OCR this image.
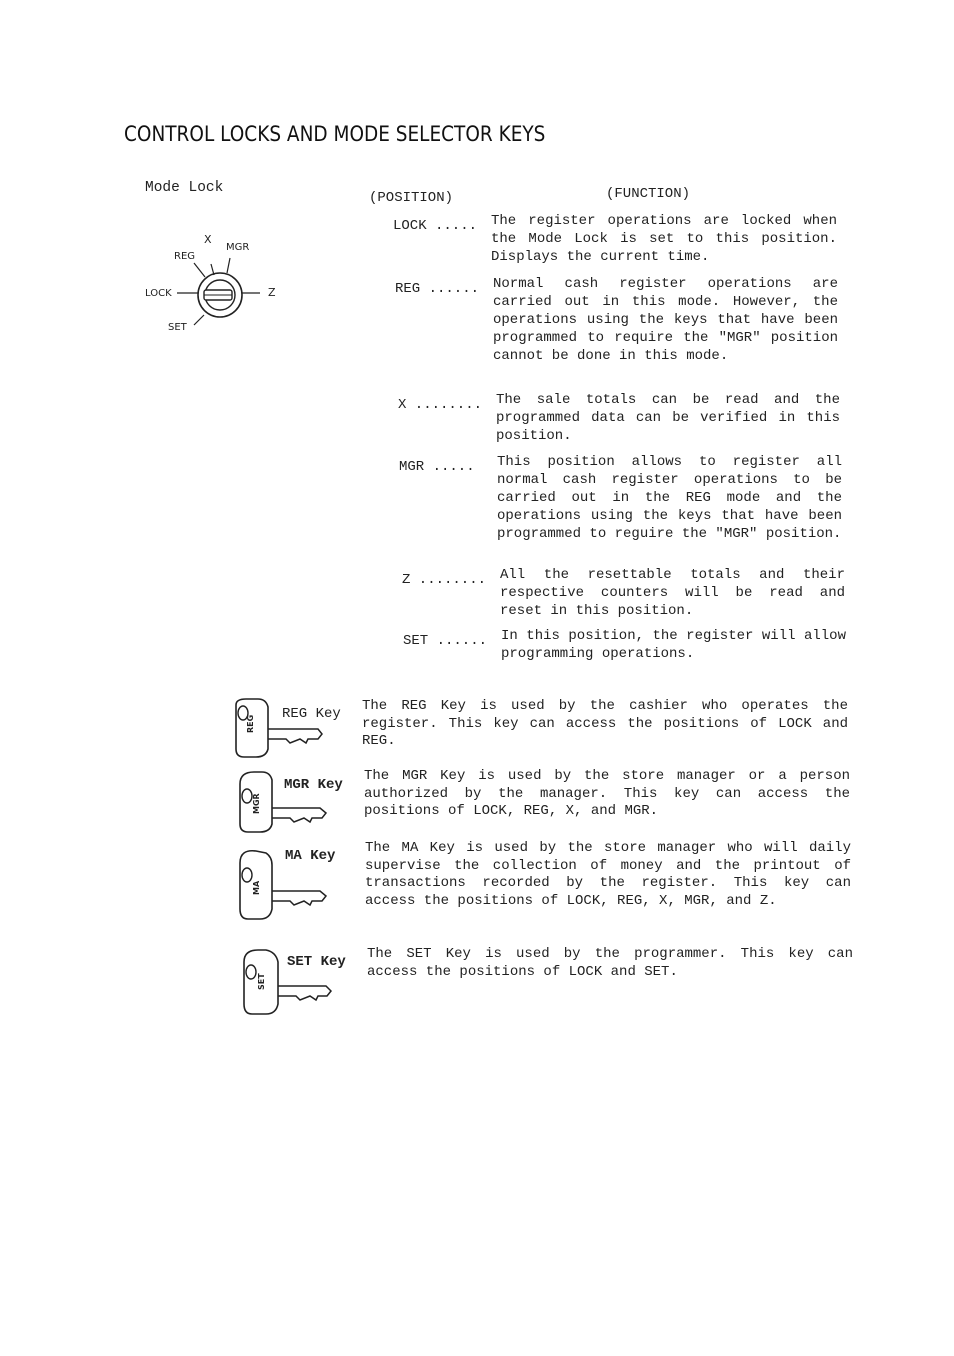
CONTROL LOCKS AND MODE SELECTOR KEYS
Mode Lock
X
MGR
REG
LOCK	Z
SET
(POSITION)	(FUNCTION)
LOCK ..... The register operations are locked when the Mode Lock is set to this position. Displays the current time.
REG ...... Normal cash register operations are carried out in this mode. However, the operations using the keys that have been programmed to require the "MGR" position cannot be done in this mode.
X ........ The sale totals can be read and the programmed data can be verified in this position.
MGR ..... This position allows to register all normal cash register operations to be carried out in the REG mode and the operations using the keys that have been programmed to reguire the "MGR" position.
Z ........ All the resettable totals and their respective counters will be read and reset in this position.
SET ...... In this position, the register will allow programming operations.
REG
REG Key The REG Key is used by the cashier who operates the register. This key can access the positions of LOCK and REG.
MGR
MGR Key
The MGR Key is used by the store manager or a person authorized by the manager. This key can access the positions of LOCK, REG, X, and MGR.
MA
MA Key The MA Key is used by the store manager who will daily supervise the collection of money and the printout of transactions recorded by the register. This key can access the positions of LOCK, REG, X, MGR, and Z.
SET
SET Key The SET Key is used by the programmer. This key can access the positions of LOCK and SET.
